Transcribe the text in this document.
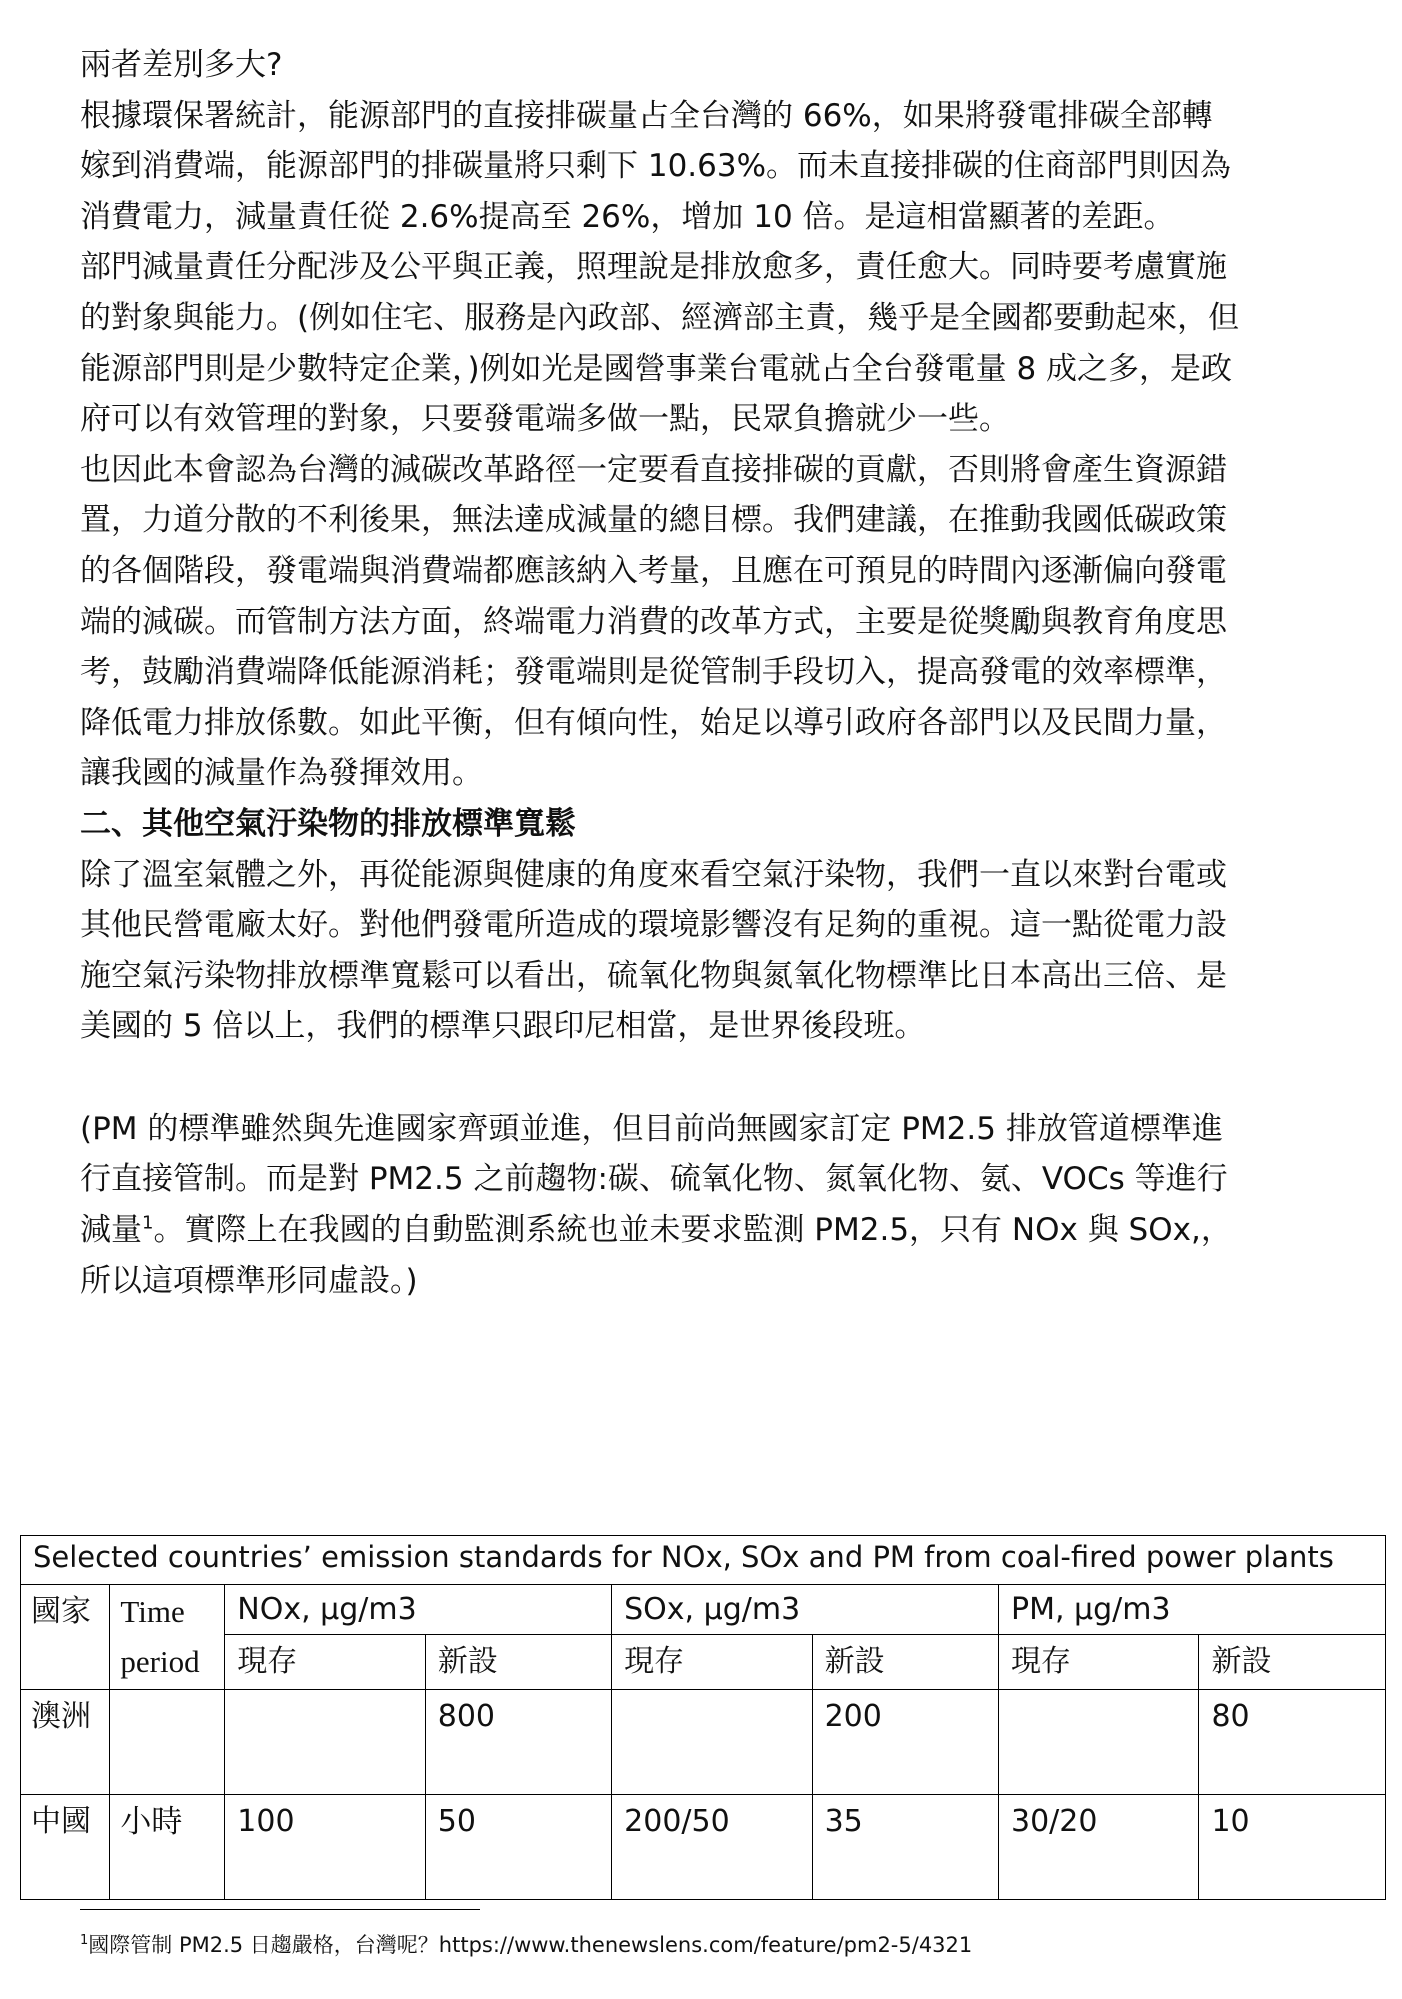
兩者差別多大?

根據環保署統計，能源部門的直接排碳量占全台灣的 66%，如果將發電排碳全部轉嫁到消費端，能源部門的排碳量將只剩下 10.63%。而未直接排碳的住商部門則因為消費電力，減量責任從 2.6%提高至 26%，增加 10 倍。是這相當顯著的差距。

部門減量責任分配涉及公平與正義，照理說是排放愈多，責任愈大。同時要考慮實施的對象與能力。(例如住宅、服務是內政部、經濟部主責，幾乎是全國都要動起來，但能源部門則是少數特定企業，)例如光是國營事業台電就占全台發電量 8 成之多，是政府可以有效管理的對象，只要發電端多做一點，民眾負擔就少一些。

也因此本會認為台灣的減碳改革路徑一定要看直接排碳的貢獻，否則將會產生資源錯置，力道分散的不利後果，無法達成減量的總目標。我們建議，在推動我國低碳政策的各個階段，發電端與消費端都應該納入考量，且應在可預見的時間內逐漸偏向發電端的減碳。而管制方法方面，終端電力消費的改革方式，主要是從獎勵與教育角度思考，鼓勵消費端降低能源消耗；發電端則是從管制手段切入，提高發電的效率標準，降低電力排放係數。如此平衡，但有傾向性，始足以導引政府各部門以及民間力量，讓我國的減量作為發揮效用。

二、其他空氣汙染物的排放標準寬鬆

除了溫室氣體之外，再從能源與健康的角度來看空氣汙染物，我們一直以來對台電或其他民營電廠太好。對他們發電所造成的環境影響沒有足夠的重視。這一點從電力設施空氣污染物排放標準寬鬆可以看出，硫氧化物與氮氧化物標準比日本高出三倍、是美國的 5 倍以上，我們的標準只跟印尼相當，是世界後段班。

(PM 的標準雖然與先進國家齊頭並進，但目前尚無國家訂定 PM2.5 排放管道標準進行直接管制。而是對 PM2.5 之前趨物:碳、硫氧化物、氮氧化物、氨、VOCs 等進行減量$^1$。實際上在我國的自動監測系統也並未要求監測 PM2.5，只有 NOx 與 SOx,，所以這項標準形同虛設。)

Selected countries’ emission standards for NOx, SOx and PM from coal-fired power plants							
國家	Time period	NOx, µg/m3		SOx, µg/m3		PM, µg/m3	
		現存	新設	現存	新設	現存	新設
澳洲			800		200		80
中國	小時	100	50	200/50	35	30/20	10
$^1$國際管制 PM2.5 日趨嚴格，台灣呢？https://www.thenewslens.com/feature/pm2-5/4321
